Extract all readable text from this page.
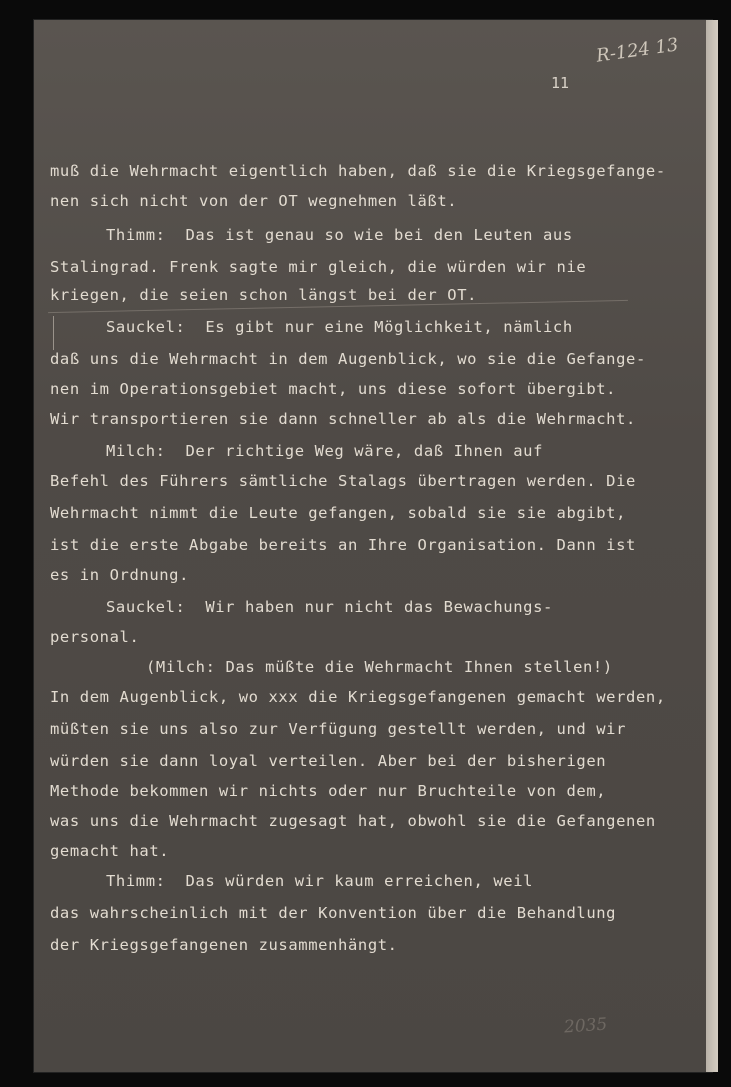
R-124 13
11
muß die Wehrmacht eigentlich haben, daß sie die Kriegsgefange-
nen sich nicht von der OT wegnehmen läßt.
Thimm:  Das ist genau so wie bei den Leuten aus
Stalingrad. Frenk sagte mir gleich, die würden wir nie
kriegen, die seien schon längst bei der OT.
Sauckel:  Es gibt nur eine Möglichkeit, nämlich
daß uns die Wehrmacht in dem Augenblick, wo sie die Gefange-
nen im Operationsgebiet macht, uns diese sofort übergibt.
Wir transportieren sie dann schneller ab als die Wehrmacht.
Milch:  Der richtige Weg wäre, daß Ihnen auf
Befehl des Führers sämtliche Stalags übertragen werden. Die
Wehrmacht nimmt die Leute gefangen, sobald sie sie abgibt,
ist die erste Abgabe bereits an Ihre Organisation. Dann ist
es in Ordnung.
Sauckel:  Wir haben nur nicht das Bewachungs-
personal.
(Milch: Das müßte die Wehrmacht Ihnen stellen!)
In dem Augenblick, wo xxx die Kriegsgefangenen gemacht werden,
müßten sie uns also zur Verfügung gestellt werden, und wir
würden sie dann loyal verteilen. Aber bei der bisherigen
Methode bekommen wir nichts oder nur Bruchteile von dem,
was uns die Wehrmacht zugesagt hat, obwohl sie die Gefangenen
gemacht hat.
Thimm:  Das würden wir kaum erreichen, weil
das wahrscheinlich mit der Konvention über die Behandlung
der Kriegsgefangenen zusammenhängt.
2035
